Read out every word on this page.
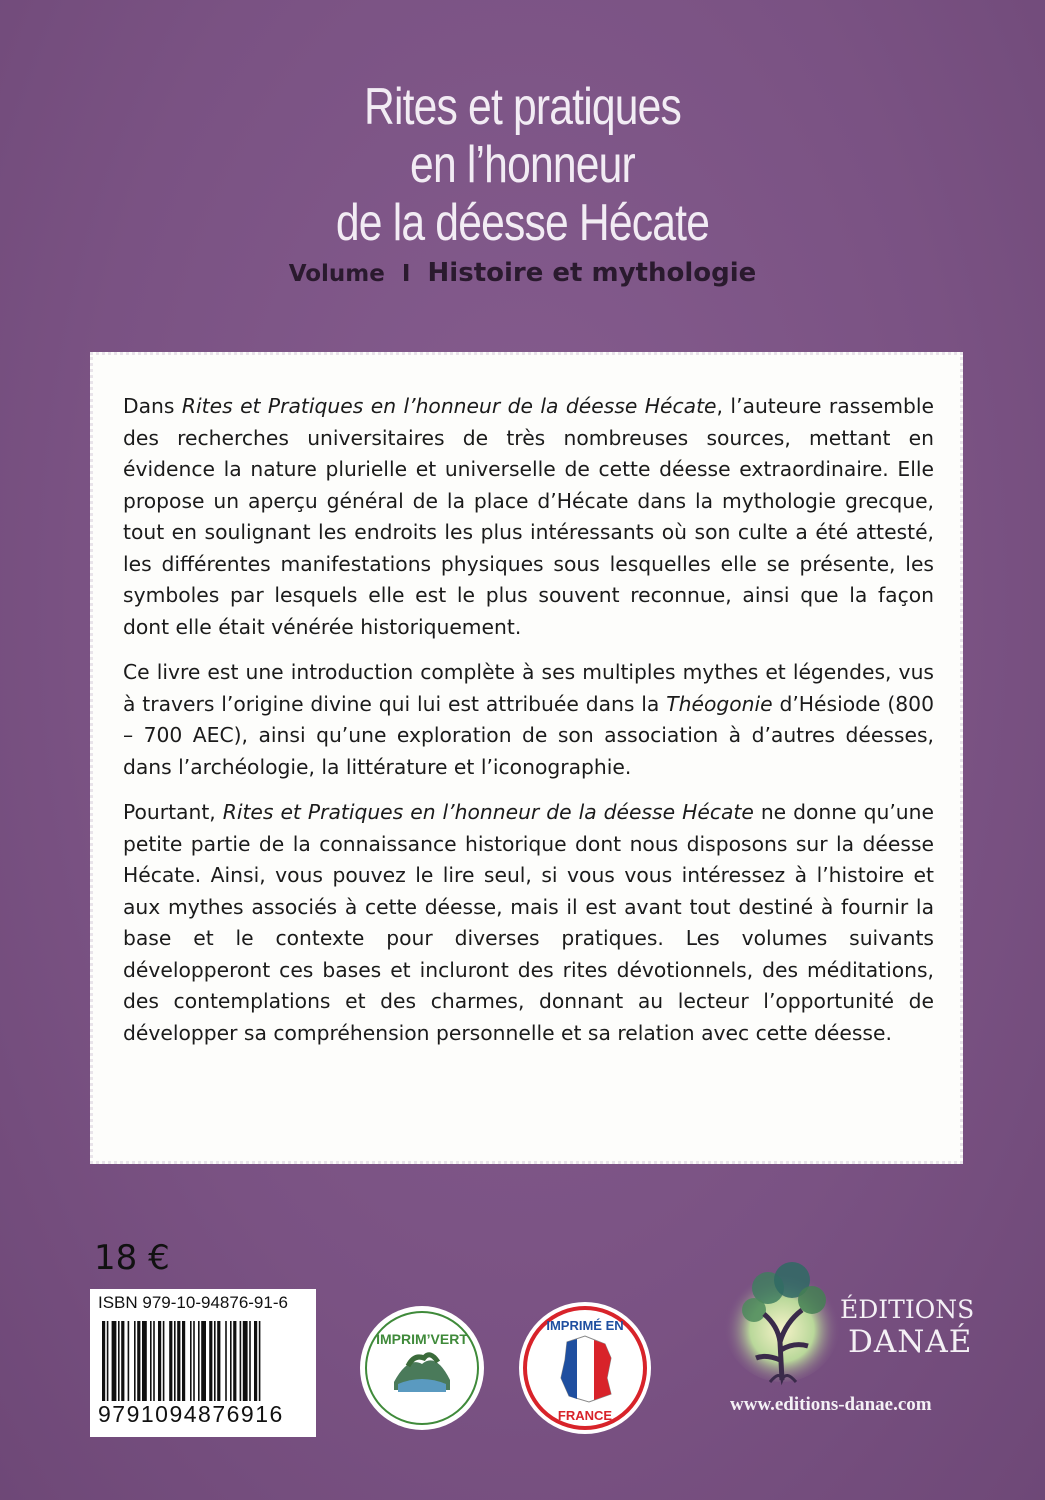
Rites et pratiques
en l’honneur
de la déesse Hécate
Volume I Histoire et mythologie

Dans Rites et Pratiques en l’honneur de la déesse Hécate, l’auteure rassemble des recherches universitaires de très nombreuses sources, mettant en évidence la nature plurielle et universelle de cette déesse extraordinaire. Elle propose un aperçu général de la place d’Hécate dans la mythologie grecque, tout en soulignant les endroits les plus intéressants où son culte a été attesté, les différentes manifestations physiques sous lesquelles elle se présente, les symboles par lesquels elle est le plus souvent reconnue, ainsi que la façon dont elle était vénérée historiquement.

Ce livre est une introduction complète à ses multiples mythes et légendes, vus à travers l’origine divine qui lui est attribuée dans la Théogonie d’Hésiode (800 – 700 AEC), ainsi qu’une exploration de son association à d’autres déesses, dans l’archéologie, la littérature et l’iconographie.

Pourtant, Rites et Pratiques en l’honneur de la déesse Hécate ne donne qu’une petite partie de la connaissance historique dont nous disposons sur la déesse Hécate. Ainsi, vous pouvez le lire seul, si vous vous intéressez à l’histoire et aux mythes associés à cette déesse, mais il est avant tout destiné à fournir la base et le contexte pour diverses pratiques. Les volumes suivants développeront ces bases et incluront des rites dévotionnels, des méditations, des contemplations et des charmes, donnant au lecteur l’opportunité de développer sa compréhension personnelle et sa relation avec cette déesse.

18 €
ISBN 979-10-94876-91-6
9791094876916
IMPRIM’VERT
IMPRIMÉ EN
FRANCE
ÉDITIONS
DANAÉ
www.editions-danae.com
